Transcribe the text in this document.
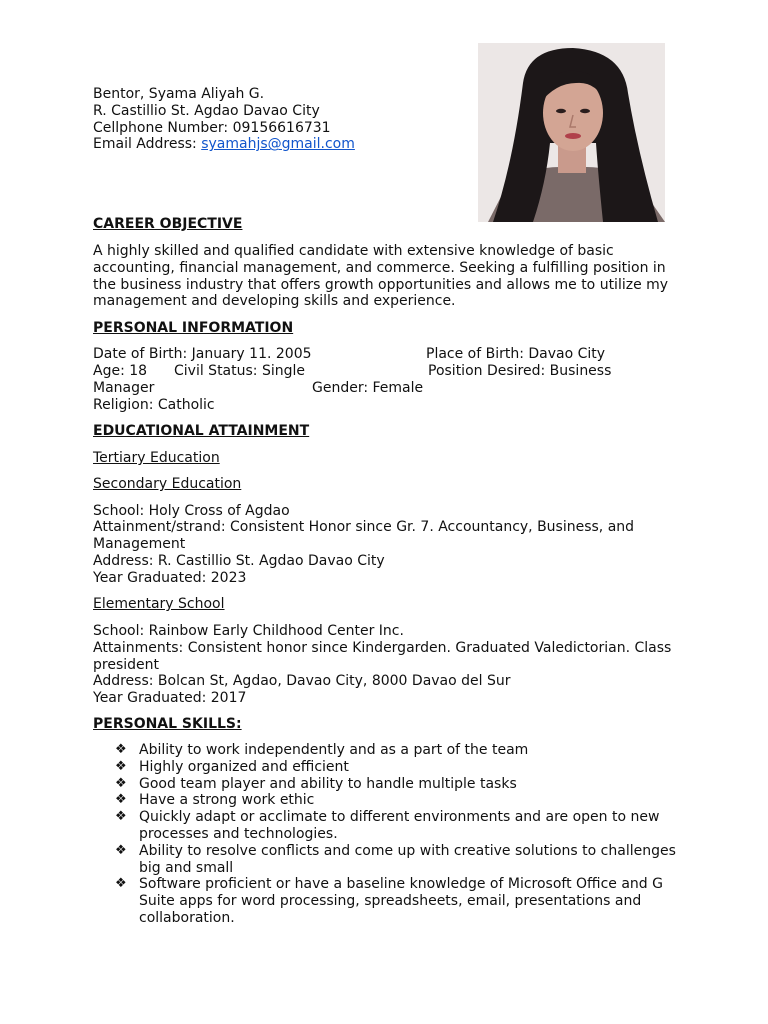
Bentor, Syama Aliyah G.
R. Castillio St. Agdao Davao City
Cellphone Number: 09156616731
Email Address: syamahjs@gmail.com
CAREER OBJECTIVE
A highly skilled and qualified candidate with extensive knowledge of basic accounting, financial management, and commerce. Seeking a fulfilling position in the business industry that offers growth opportunities and allows me to utilize my management and developing skills and experience.
PERSONAL INFORMATION
Date of Birth: January 11. 2005	Place of Birth: Davao City
Age: 18 Civil Status: Single	Position Desired: Business
Manager	Gender: Female
Religion: Catholic
EDUCATIONAL ATTAINMENT
Tertiary Education
Secondary Education
School: Holy Cross of Agdao
Attainment/strand: Consistent Honor since Gr. 7. Accountancy, Business, and Management
Address: R. Castillio St. Agdao Davao City
Year Graduated: 2023
Elementary School
School: Rainbow Early Childhood Center Inc.
Attainments: Consistent honor since Kindergarden. Graduated Valedictorian. Class president
Address: Bolcan St, Agdao, Davao City, 8000 Davao del Sur
Year Graduated: 2017
PERSONAL SKILLS:
❖ Ability to work independently and as a part of the team
❖ Highly organized and efficient
❖ Good team player and ability to handle multiple tasks
❖ Have a strong work ethic
❖ Quickly adapt or acclimate to different environments and are open to new processes and technologies.
❖ Ability to resolve conflicts and come up with creative solutions to challenges big and small
❖ Software proficient or have a baseline knowledge of Microsoft Office and G Suite apps for word processing, spreadsheets, email, presentations and collaboration.
